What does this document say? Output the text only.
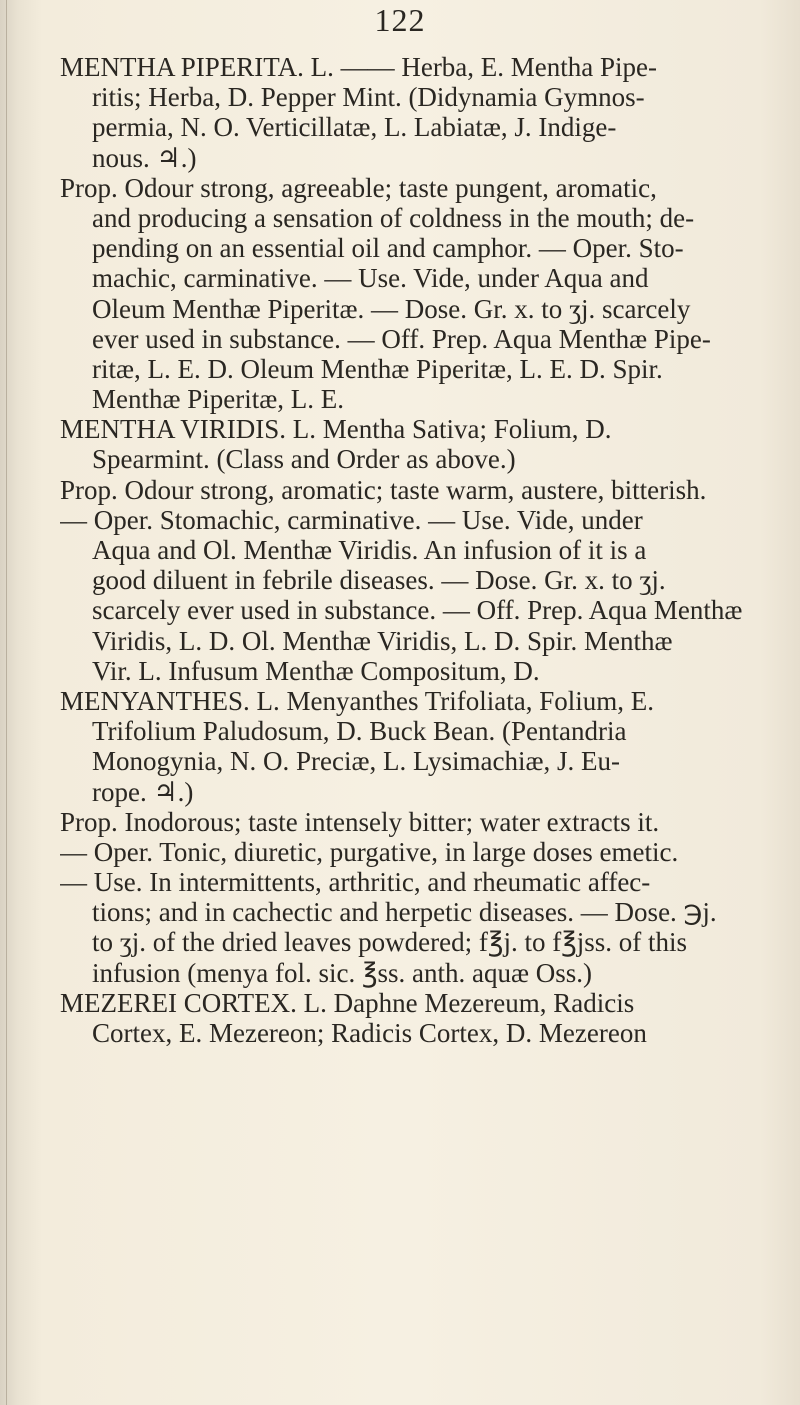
122
MENTHA PIPERITA. L. —— Herba, E. Mentha Pipe-
ritis; Herba, D. Pepper Mint. (Didynamia Gymnos-
permia, N. O. Verticillatæ, L. Labiatæ, J. Indige-
nous. ♃.)
Prop. Odour strong, agreeable; taste pungent, aromatic,
and producing a sensation of coldness in the mouth; de-
pending on an essential oil and camphor. — Oper. Sto-
machic, carminative. — Use. Vide, under Aqua and
Oleum Menthæ Piperitæ. — Dose. Gr. x. to ʒj. scarcely
ever used in substance. — Off. Prep. Aqua Menthæ Pipe-
ritæ, L. E. D. Oleum Menthæ Piperitæ, L. E. D. Spir.
Menthæ Piperitæ, L. E.
MENTHA VIRIDIS. L. Mentha Sativa; Folium, D.
Spearmint. (Class and Order as above.)
Prop. Odour strong, aromatic; taste warm, austere, bitterish.
— Oper. Stomachic, carminative. — Use. Vide, under
Aqua and Ol. Menthæ Viridis. An infusion of it is a
good diluent in febrile diseases. — Dose. Gr. x. to ʒj.
scarcely ever used in substance. — Off. Prep. Aqua Menthæ
Viridis, L. D. Ol. Menthæ Viridis, L. D. Spir. Menthæ
Vir. L. Infusum Menthæ Compositum, D.
MENYANTHES. L. Menyanthes Trifoliata, Folium, E.
Trifolium Paludosum, D. Buck Bean. (Pentandria
Monogynia, N. O. Preciæ, L. Lysimachiæ, J. Eu-
rope. ♃.)
Prop. Inodorous; taste intensely bitter; water extracts it.
— Oper. Tonic, diuretic, purgative, in large doses emetic.
— Use. In intermittents, arthritic, and rheumatic affec-
tions; and in cachectic and herpetic diseases. — Dose. ℈j.
to ʒj. of the dried leaves powdered; f℥j. to f℥jss. of this
infusion (menya fol. sic. ℥ss. anth. aquæ Oss.)
MEZEREI CORTEX. L. Daphne Mezereum, Radicis
Cortex, E. Mezereon; Radicis Cortex, D. Mezereon
